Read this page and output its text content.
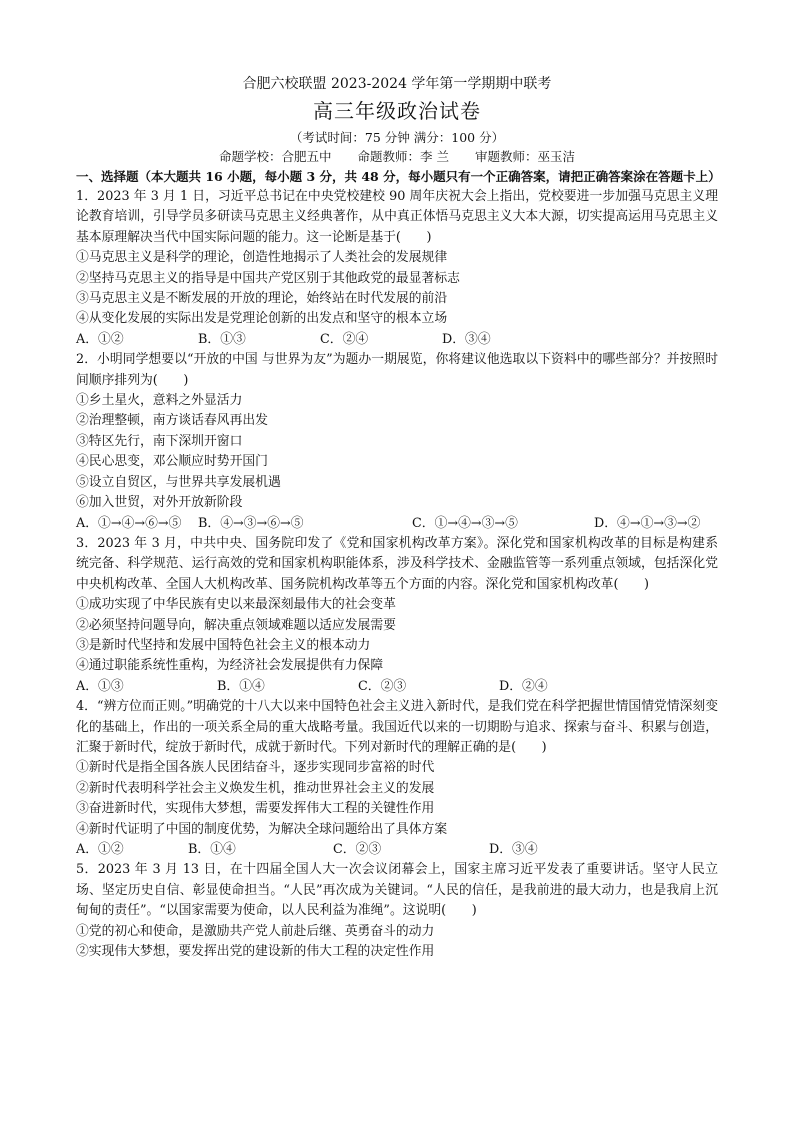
合肥六校联盟 2023-2024 学年第一学期期中联考

高三年级政治试卷

（考试时间：75 分钟 满分：100 分）

命题学校：合肥五中 命题教师：李 兰 审题教师：巫玉洁

一、选择题（本大题共 16 小题，每小题 3 分，共 48 分，每小题只有一个正确答案，请把正确答案涂在答题卡上）

1．2023 年 3 月 1 日，习近平总书记在中央党校建校 90 周年庆祝大会上指出，党校要进一步加强马克思主义理论教育培训，引导学员多研读马克思主义经典著作，从中真正体悟马克思主义大本大源，切实提高运用马克思主义基本原理解决当代中国实际问题的能力。这一论断是基于(　　)

①马克思主义是科学的理论，创造性地揭示了人类社会的发展规律

②坚持马克思主义的指导是中国共产党区别于其他政党的最显著标志

③马克思主义是不断发展的开放的理论，始终站在时代发展的前沿

④从变化发展的实际出发是党理论创新的出发点和坚守的根本立场

A．①②	B．①③	C．②④	D．③④

2．小明同学想要以“开放的中国 与世界为友”为题办一期展览，你将建议他选取以下资料中的哪些部分？并按照时间顺序排列为(　　)

①乡土星火，意料之外显活力

②治理整顿，南方谈话春风再出发

③特区先行，南下深圳开窗口

④民心思变，邓公顺应时势开国门

⑤设立自贸区，与世界共享发展机遇

⑥加入世贸，对外开放新阶段

A．①→④→⑥→⑤	B．④→③→⑥→⑤	C．①→④→③→⑤	D．④→①→③→②

3．2023 年 3 月，中共中央、国务院印发了《党和国家机构改革方案》。深化党和国家机构改革的目标是构建系统完备、科学规范、运行高效的党和国家机构职能体系，涉及科学技术、金融监管等一系列重点领域，包括深化党中央机构改革、全国人大机构改革、国务院机构改革等五个方面的内容。深化党和国家机构改革(　　)

①成功实现了中华民族有史以来最深刻最伟大的社会变革

②必须坚持问题导向，解决重点领域难题以适应发展需要

③是新时代坚持和发展中国特色社会主义的根本动力

④通过职能系统性重构，为经济社会发展提供有力保障

A．①③	B．①④	C．②③	D．②④

4．“辨方位而正则。”明确党的十八大以来中国特色社会主义进入新时代，是我们党在科学把握世情国情党情深刻变化的基础上，作出的一项关系全局的重大战略考量。我国近代以来的一切期盼与追求、探索与奋斗、积累与创造，汇聚于新时代，绽放于新时代，成就于新时代。下列对新时代的理解正确的是(　　)

①新时代是指全国各族人民团结奋斗，逐步实现同步富裕的时代

②新时代表明科学社会主义焕发生机，推动世界社会主义的发展

③奋进新时代，实现伟大梦想，需要发挥伟大工程的关键性作用

④新时代证明了中国的制度优势，为解决全球问题给出了具体方案

A．①②	B．①④	C．②③	D．③④

5．2023 年 3 月 13 日，在十四届全国人大一次会议闭幕会上，国家主席习近平发表了重要讲话。坚守人民立场、坚定历史自信、彰显使命担当。“人民”再次成为关键词。“人民的信任，是我前进的最大动力，也是我肩上沉甸甸的责任”。“以国家需要为使命，以人民利益为准绳”。这说明(　　)

①党的初心和使命，是激励共产党人前赴后继、英勇奋斗的动力

②实现伟大梦想，要发挥出党的建设新的伟大工程的决定性作用
